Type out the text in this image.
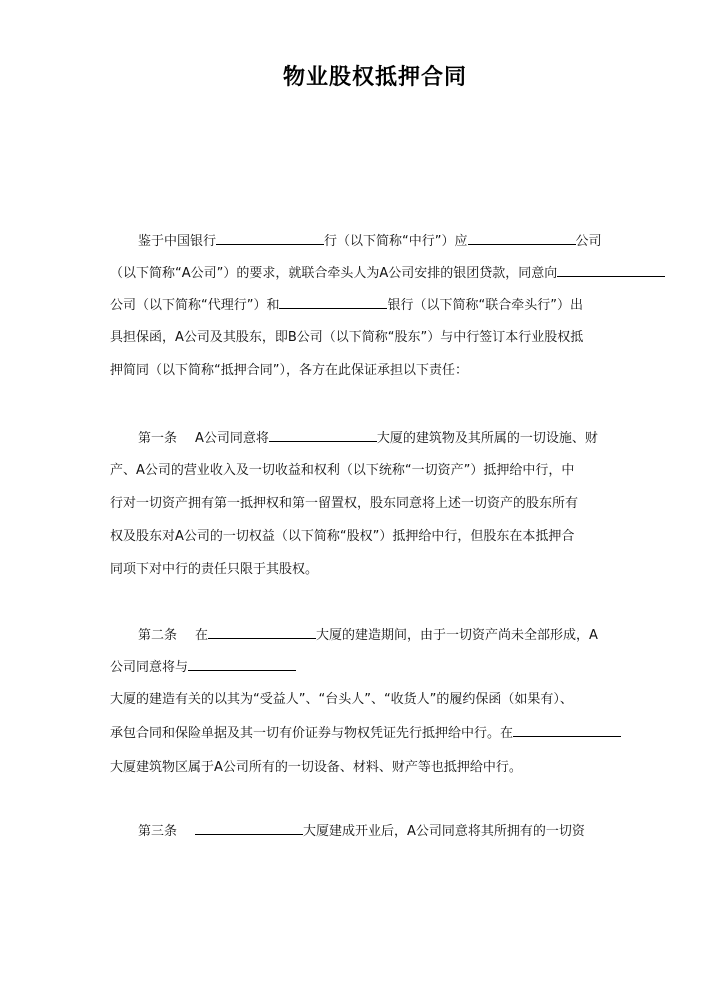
物业股权抵押合同
鉴于中国银行	行（以下简称“中行”）应	公司
（以下简称“A公司”）的要求，就联合牵头人为A公司安排的银团贷款，同意向
公司（以下简称“代理行”）和	银行（以下简称“联合牵头行”）出
具担保函，A公司及其股东，即B公司（以下简称“股东”）与中行签订本行业股权抵
押简同（以下简称“抵押合同”），各方在此保证承担以下责任：
第一条 A公司同意将	大厦的建筑物及其所属的一切设施、财
产、A公司的营业收入及一切收益和权利（以下统称“一切资产”）抵押给中行，中
行对一切资产拥有第一抵押权和第一留置权，股东同意将上述一切资产的股东所有
权及股东对A公司的一切权益（以下简称“股权”）抵押给中行，但股东在本抵押合
同项下对中行的责任只限于其股权。
第二条 在	大厦的建造期间，由于一切资产尚未全部形成，A
公司同意将与
大厦的建造有关的以其为“受益人”、“台头人”、“收货人”的履约保函（如果有）、
承包合同和保险单据及其一切有价证券与物权凭证先行抵押给中行。在
大厦建筑物区属于A公司所有的一切设备、材料、财产等也抵押给中行。
第三条	大厦建成开业后，A公司同意将其所拥有的一切资
